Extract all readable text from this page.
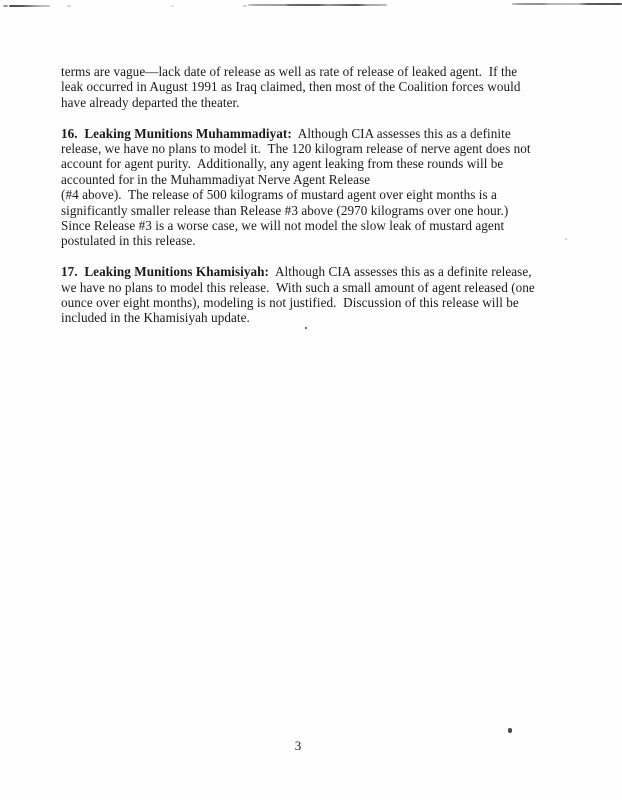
terms are vague—lack date of release as well as rate of release of leaked agent.  If the
leak occurred in August 1991 as Iraq claimed, then most of the Coalition forces would
have already departed the theater.
16.  Leaking Munitions Muhammadiyat:  Although CIA assesses this as a definite
release, we have no plans to model it.  The 120 kilogram release of nerve agent does not
account for agent purity.  Additionally, any agent leaking from these rounds will be
accounted for in the Muhammadiyat Nerve Agent Release
(#4 above).  The release of 500 kilograms of mustard agent over eight months is a
significantly smaller release than Release #3 above (2970 kilograms over one hour.)
Since Release #3 is a worse case, we will not model the slow leak of mustard agent
postulated in this release.
17.  Leaking Munitions Khamisiyah:  Although CIA assesses this as a definite release,
we have no plans to model this release.  With such a small amount of agent released (one
ounce over eight months), modeling is not justified.  Discussion of this release will be
included in the Khamisiyah update.
3
